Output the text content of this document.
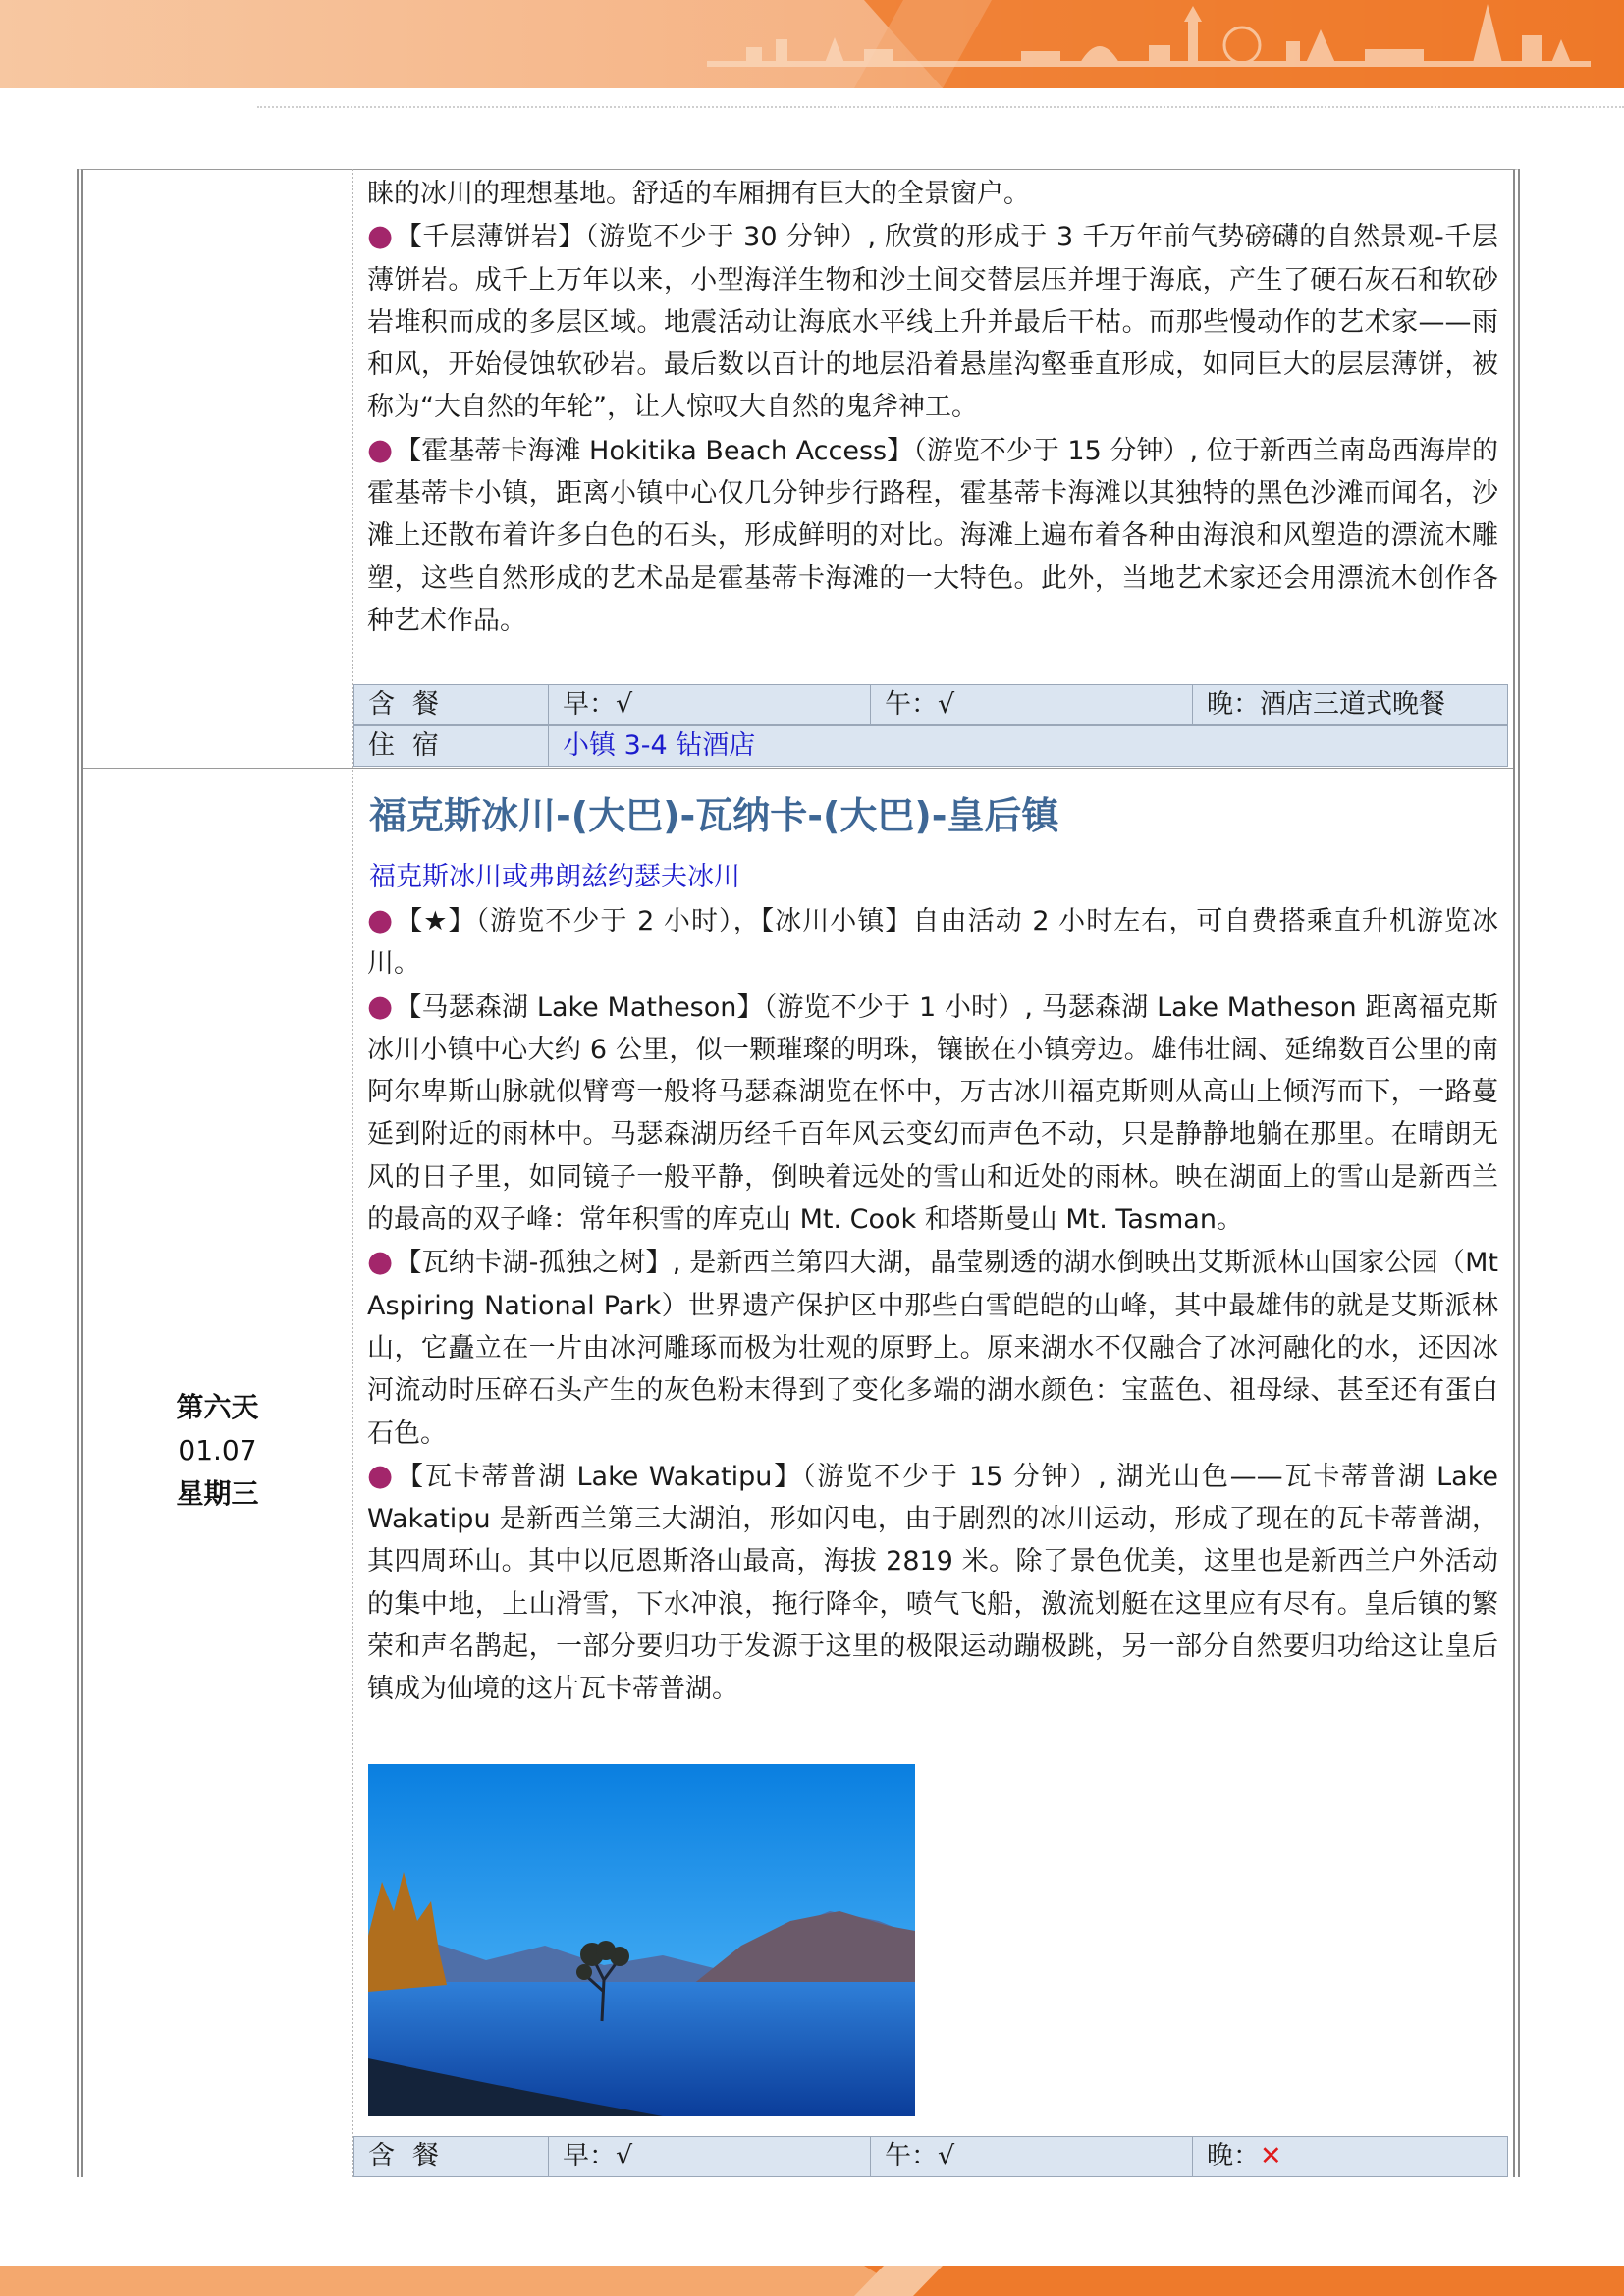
睐的冰川的理想基地。舒适的车厢拥有巨大的全景窗户。

●【千层薄饼岩】（游览不少于 30 分钟）, 欣赏的形成于 3 千万年前气势磅礴的自然景观-千层薄饼岩。成千上万年以来，小型海洋生物和沙土间交替层压并埋于海底，产生了硬石灰石和软砂岩堆积而成的多层区域。地震活动让海底水平线上升并最后干枯。而那些慢动作的艺术家——雨和风，开始侵蚀软砂岩。最后数以百计的地层沿着悬崖沟壑垂直形成，如同巨大的层层薄饼，被称为“大自然的年轮”，让人惊叹大自然的鬼斧神工。

●【霍基蒂卡海滩 Hokitika Beach Access】（游览不少于 15 分钟）, 位于新西兰南岛西海岸的霍基蒂卡小镇，距离小镇中心仅几分钟步行路程，霍基蒂卡海滩以其独特的黑色沙滩而闻名，沙滩上还散布着许多白色的石头，形成鲜明的对比。海滩上遍布着各种由海浪和风塑造的漂流木雕塑，这些自然形成的艺术品是霍基蒂卡海滩的一大特色。此外，当地艺术家还会用漂流木创作各种艺术作品。

含餐	早：√	午：√	晚：酒店三道式晚餐
住宿	小镇 3-4 钻酒店
第六天
01.07
星期三
福克斯冰川-(大巴)-瓦纳卡-(大巴)-皇后镇
福克斯冰川或弗朗兹约瑟夫冰川

●【★】（游览不少于 2 小时），【冰川小镇】自由活动 2 小时左右，可自费搭乘直升机游览冰川。

●【马瑟森湖 Lake Matheson】（游览不少于 1 小时）, 马瑟森湖 Lake Matheson 距离福克斯冰川小镇中心大约 6 公里，似一颗璀璨的明珠，镶嵌在小镇旁边。雄伟壮阔、延绵数百公里的南阿尔卑斯山脉就似臂弯一般将马瑟森湖览在怀中，万古冰川福克斯则从高山上倾泻而下，一路蔓延到附近的雨林中。马瑟森湖历经千百年风云变幻而声色不动，只是静静地躺在那里。在晴朗无风的日子里，如同镜子一般平静，倒映着远处的雪山和近处的雨林。映在湖面上的雪山是新西兰的最高的双子峰：常年积雪的库克山 Mt. Cook 和塔斯曼山 Mt. Tasman。

●【瓦纳卡湖-孤独之树】, 是新西兰第四大湖，晶莹剔透的湖水倒映出艾斯派林山国家公园（Mt Aspiring National Park）世界遗产保护区中那些白雪皑皑的山峰，其中最雄伟的就是艾斯派林山，它矗立在一片由冰河雕琢而极为壮观的原野上。原来湖水不仅融合了冰河融化的水，还因冰河流动时压碎石头产生的灰色粉末得到了变化多端的湖水颜色：宝蓝色、祖母绿、甚至还有蛋白石色。

●【瓦卡蒂普湖 Lake Wakatipu】（游览不少于 15 分钟）, 湖光山色——瓦卡蒂普湖 Lake Wakatipu 是新西兰第三大湖泊，形如闪电，由于剧烈的冰川运动，形成了现在的瓦卡蒂普湖，其四周环山。其中以厄恩斯洛山最高，海拔 2819 米。除了景色优美，这里也是新西兰户外活动的集中地，上山滑雪，下水冲浪，拖行降伞，喷气飞船，激流划艇在这里应有尽有。皇后镇的繁荣和声名鹊起，一部分要归功于发源于这里的极限运动蹦极跳，另一部分自然要归功给这让皇后镇成为仙境的这片瓦卡蒂普湖。

含餐	早：√	午：√	晚：✕
